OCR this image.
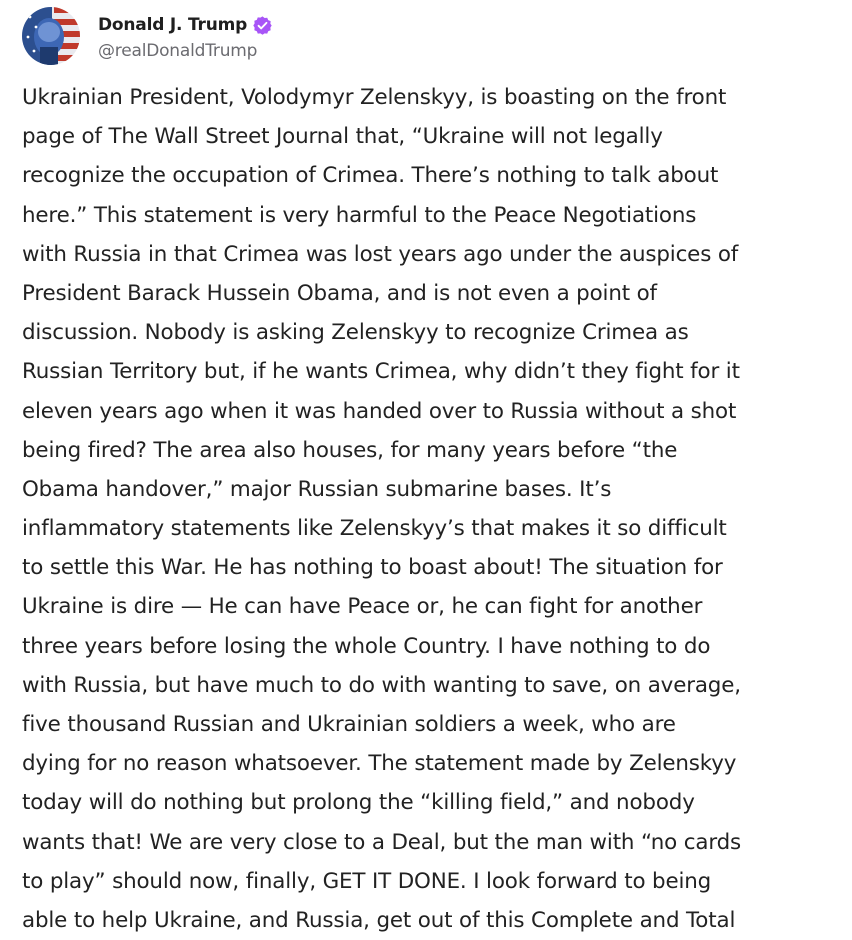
Donald J. Trump
@realDonaldTrump
Ukrainian President, Volodymyr Zelenskyy, is boasting on the front
page of The Wall Street Journal that, “Ukraine will not legally
recognize the occupation of Crimea. There’s nothing to talk about
here.” This statement is very harmful to the Peace Negotiations
with Russia in that Crimea was lost years ago under the auspices of
President Barack Hussein Obama, and is not even a point of
discussion. Nobody is asking Zelenskyy to recognize Crimea as
Russian Territory but, if he wants Crimea, why didn’t they fight for it
eleven years ago when it was handed over to Russia without a shot
being fired? The area also houses, for many years before “the
Obama handover,” major Russian submarine bases. It’s
inflammatory statements like Zelenskyy’s that makes it so difficult
to settle this War. He has nothing to boast about! The situation for
Ukraine is dire — He can have Peace or, he can fight for another
three years before losing the whole Country. I have nothing to do
with Russia, but have much to do with wanting to save, on average,
five thousand Russian and Ukrainian soldiers a week, who are
dying for no reason whatsoever. The statement made by Zelenskyy
today will do nothing but prolong the “killing field,” and nobody
wants that! We are very close to a Deal, but the man with “no cards
to play” should now, finally, GET IT DONE. I look forward to being
able to help Ukraine, and Russia, get out of this Complete and Total
